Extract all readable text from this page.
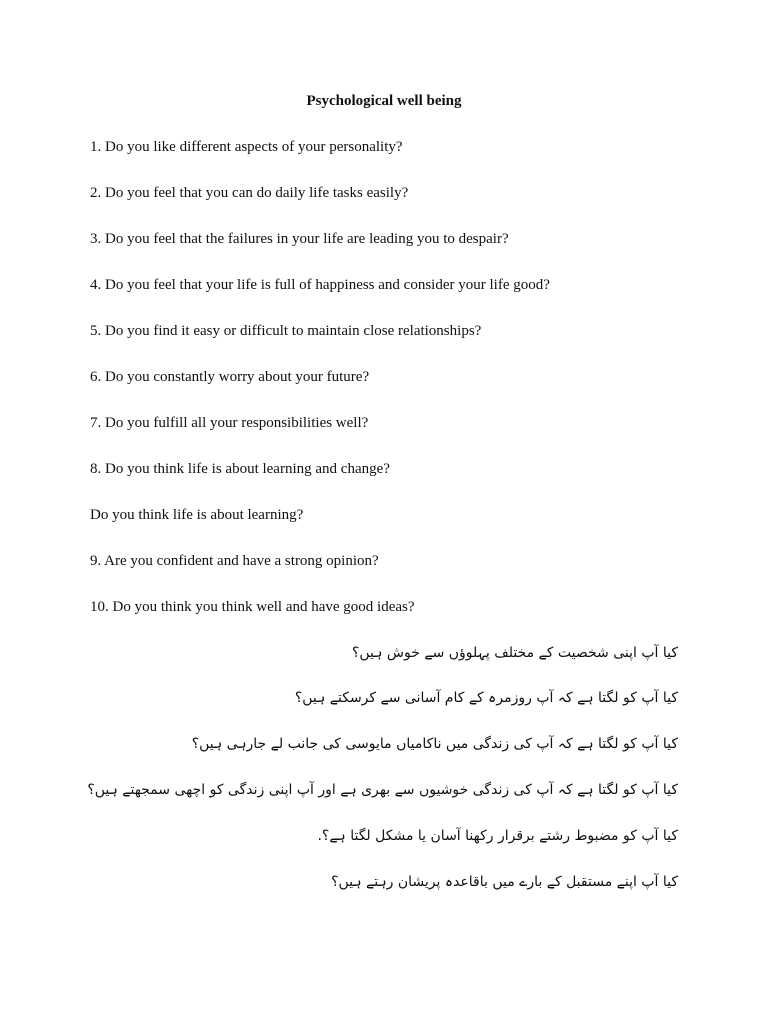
Psychological well being
1. Do you like different aspects of your personality?
2. Do you feel that you can do daily life tasks easily?
3. Do you feel that the failures in your life are leading you to despair?
4. Do you feel that your life is full of happiness and consider your life good?
5. Do you find it easy or difficult to maintain close relationships?
6. Do you constantly worry about your future?
7. Do you fulfill all your responsibilities well?
8. Do you think life is about learning and change?
Do you think life is about learning?
9. Are you confident and have a strong opinion?
10. Do you think you think well and have good ideas?
کیا آپ اپنی شخصیت کے مختلف پہلوؤں سے خوش ہیں؟
کیا آپ کو لگتا ہے کہ آپ روزمرہ کے کام آسانی سے کرسکتے ہیں؟
کیا آپ کو لگتا ہے کہ آپ کی زندگی میں ناکامیاں مایوسی کی جانب لے جارہی ہیں؟
کیا آپ کو لگتا ہے کہ آپ کی زندگی خوشیوں سے بھری ہے اور آپ اپنی زندگی کو اچھی سمجھتے ہیں؟
کیا آپ کو مضبوط رشتے برقرار رکھنا آسان یا مشکل لگتا ہے؟.
کیا آپ اپنے مستقبل کے بارے میں باقاعدہ پریشان رہتے ہیں؟
